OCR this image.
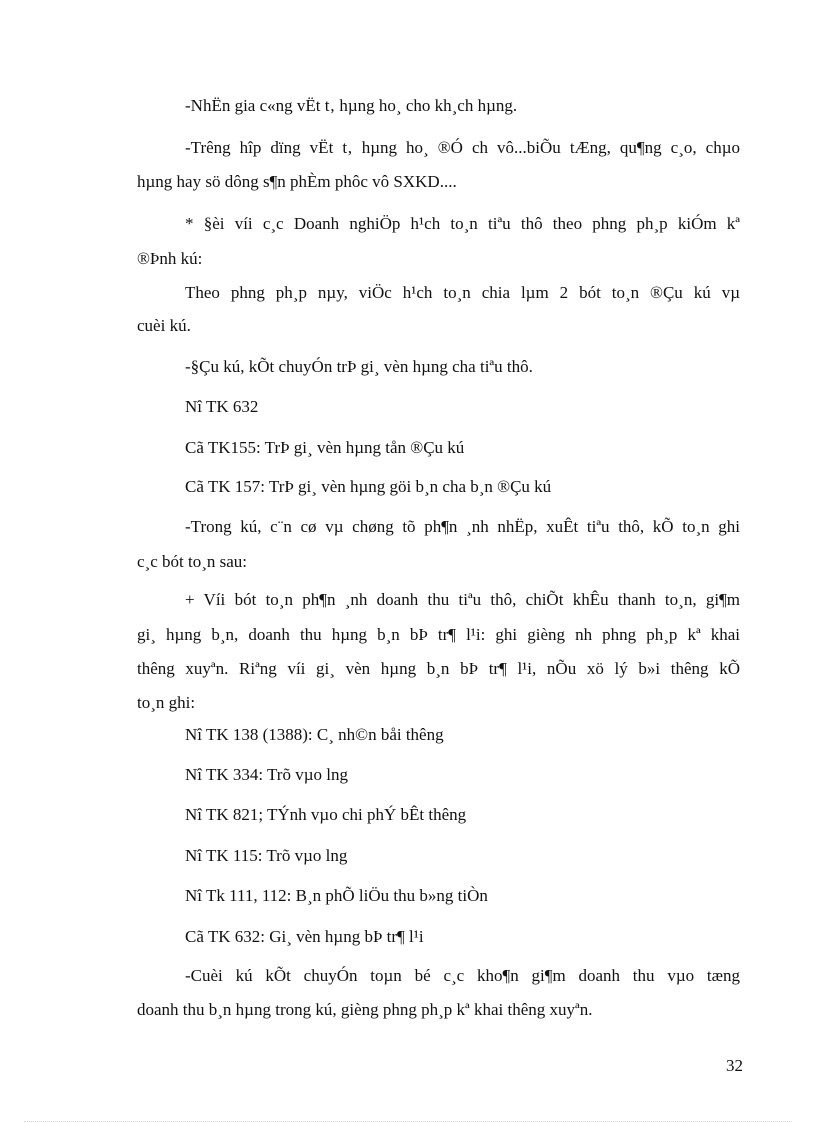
-NhËn gia c«ng vËt t‚ hµng ho¸ cho kh¸ch hµng.
-Trêng hîp dïng vËt t‚ hµng ho¸ ®Ó ch vô...biÕu tÆng, qu¶ng c¸o, chµo
hµng hay sö dông s¶n phÈm phôc vô SXKD....
* §èi víi c¸c Doanh nghiÖp h¹ch to¸n tiªu thô theo phng ph¸p kiÓm kª
®Þnh kú:
Theo phng ph¸p nµy, viÖc h¹ch to¸n chia lµm 2 bót to¸n ®Çu kú vµ
cuèi kú.
-§Çu kú, kÕt chuyÓn trÞ gi¸ vèn hµng cha tiªu thô.
Nî TK 632
Cã TK155: TrÞ gi¸ vèn hµng tån ®Çu kú
Cã TK 157: TrÞ gi¸ vèn hµng göi b¸n cha b¸n ®Çu kú
-Trong kú, c¨n cø vµ chøng tõ ph¶n ¸nh nhËp, xuÊt tiªu thô, kÕ to¸n ghi
c¸c bót to¸n sau:
+ Víi bót to¸n ph¶n ¸nh doanh thu tiªu thô, chiÕt khÊu thanh to¸n, gi¶m
gi¸ hµng b¸n, doanh thu hµng b¸n bÞ tr¶ l¹i: ghi gièng nh phng ph¸p kª khai
thêng xuyªn. Riªng víi gi¸ vèn hµng b¸n bÞ tr¶ l¹i, nÕu xö lý b»i thêng kÕ
to¸n ghi:
Nî TK 138 (1388): C¸ nh©n båi thêng
Nî TK 334: Trõ vµo lng
Nî TK 821; TÝnh vµo chi phÝ bÊt thêng
Nî TK 115: Trõ vµo lng
Nî Tk 111, 112: B¸n phÕ liÖu thu b»ng tiÒn
Cã TK 632: Gi¸ vèn hµng bÞ tr¶ l¹i
-Cuèi kú kÕt chuyÓn toµn bé c¸c kho¶n gi¶m doanh thu vµo tæng
doanh thu b¸n hµng trong kú, gièng phng ph¸p kª khai thêng xuyªn.
32
